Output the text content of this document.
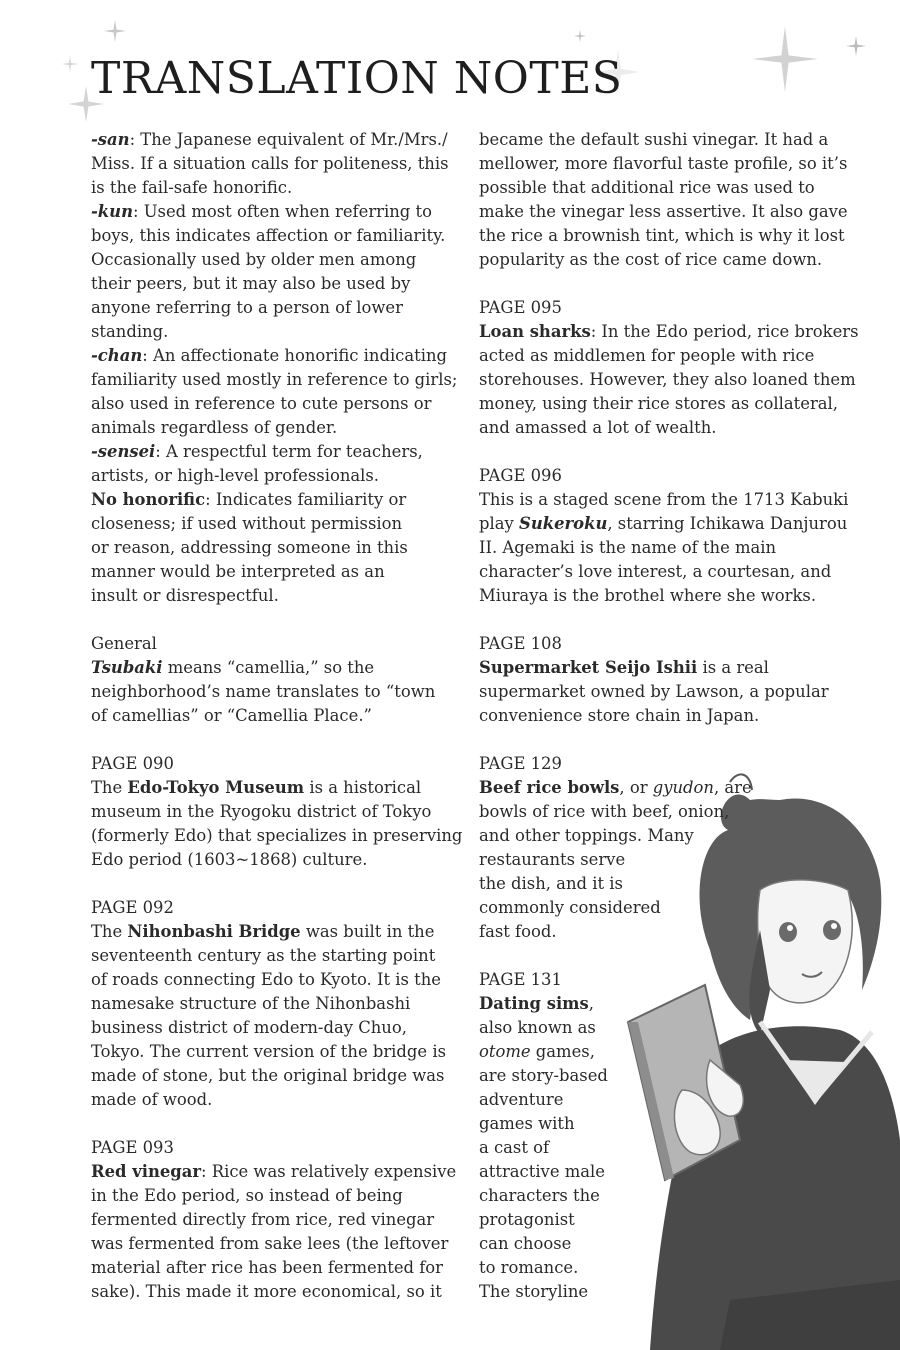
TRANSLATION NOTES
-san: The Japanese equivalent of Mr./Mrs./
Miss. If a situation calls for politeness, this
is the fail-safe honorific.
-kun: Used most often when referring to
boys, this indicates affection or familiarity.
Occasionally used by older men among
their peers, but it may also be used by
anyone referring to a person of lower
standing.
-chan: An affectionate honorific indicating
familiarity used mostly in reference to girls;
also used in reference to cute persons or
animals regardless of gender.
-sensei: A respectful term for teachers,
artists, or high-level professionals.
No honorific: Indicates familiarity or
closeness; if used without permission
or reason, addressing someone in this
manner would be interpreted as an
insult or disrespectful.
General
Tsubaki means “camellia,” so the
neighborhood’s name translates to “town
of camellias” or “Camellia Place.”
PAGE 090
The Edo-Tokyo Museum is a historical
museum in the Ryogoku district of Tokyo
(formerly Edo) that specializes in preserving
Edo period (1603~1868) culture.
PAGE 092
The Nihonbashi Bridge was built in the
seventeenth century as the starting point
of roads connecting Edo to Kyoto. It is the
namesake structure of the Nihonbashi
business district of modern-day Chuo,
Tokyo. The current version of the bridge is
made of stone, but the original bridge was
made of wood.
PAGE 093
Red vinegar: Rice was relatively expensive
in the Edo period, so instead of being
fermented directly from rice, red vinegar
was fermented from sake lees (the leftover
material after rice has been fermented for
sake). This made it more economical, so it
became the default sushi vinegar. It had a
mellower, more flavorful taste profile, so it’s
possible that additional rice was used to
make the vinegar less assertive. It also gave
the rice a brownish tint, which is why it lost
popularity as the cost of rice came down.
PAGE 095
Loan sharks: In the Edo period, rice brokers
acted as middlemen for people with rice
storehouses. However, they also loaned them
money, using their rice stores as collateral,
and amassed a lot of wealth.
PAGE 096
This is a staged scene from the 1713 Kabuki
play Sukeroku, starring Ichikawa Danjurou
II. Agemaki is the name of the main
character’s love interest, a courtesan, and
Miuraya is the brothel where she works.
PAGE 108
Supermarket Seijo Ishii is a real
supermarket owned by Lawson, a popular
convenience store chain in Japan.
PAGE 129
Beef rice bowls, or gyudon, are
bowls of rice with beef, onion,
and other toppings. Many
restaurants serve
the dish, and it is
commonly considered
fast food.
PAGE 131
Dating sims,
also known as
otome games,
are story-based
adventure
games with
a cast of
attractive male
characters the
protagonist
can choose
to romance.
The storyline
